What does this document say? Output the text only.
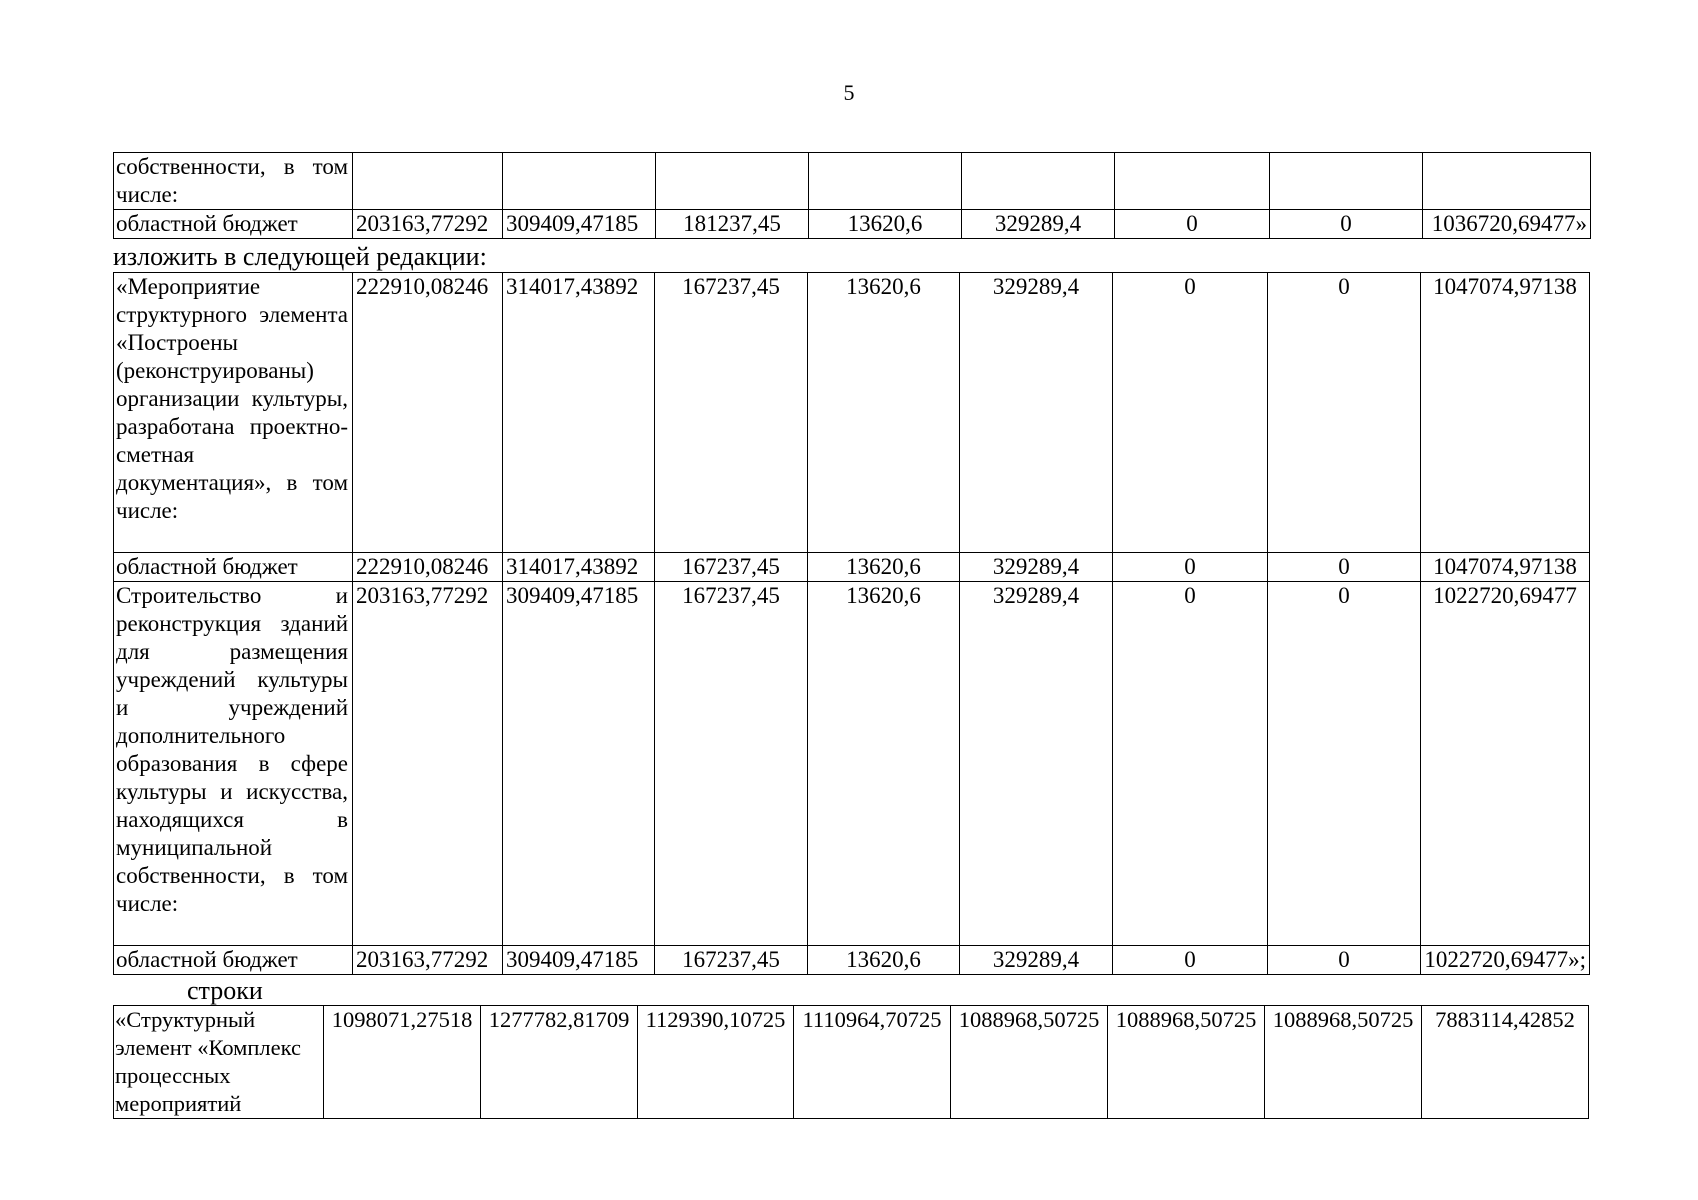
5
собственности, в том числе:								
областной бюджет	203163,77292	309409,47185	181237,45	13620,6	329289,4	0	0	1036720,69477»
изложить в следующей редакции:
«Мероприятие структурного элемента «Построены (реконструированы) организации культуры, разработана проектно-сметная документация», в том числе:	222910,08246	314017,43892	167237,45	13620,6	329289,4	0	0	1047074,97138
областной бюджет	222910,08246	314017,43892	167237,45	13620,6	329289,4	0	0	1047074,97138
Строительство и реконструкция зданий для размещения учреждений культуры и учреждений дополнительного образования в сфере культуры и искусства, находящихся в муниципальной собственности, в том числе:	203163,77292	309409,47185	167237,45	13620,6	329289,4	0	0	1022720,69477
областной бюджет	203163,77292	309409,47185	167237,45	13620,6	329289,4	0	0	1022720,69477»;
строки
«Структурный элемент «Комплекс процессных мероприятий	1098071,27518	1277782,81709	1129390,10725	1110964,70725	1088968,50725	1088968,50725	1088968,50725	7883114,42852
